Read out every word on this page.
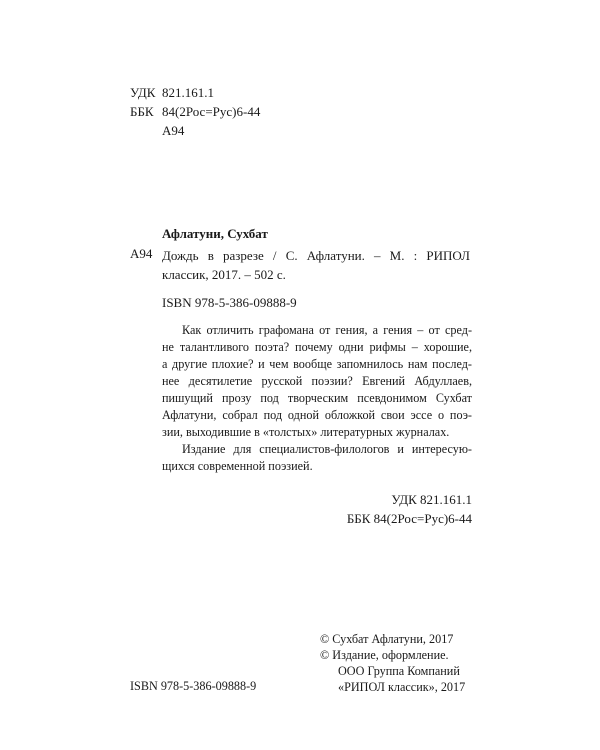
УДК 821.161.1
ББК 84(2Рос=Рус)6-44
А94
Афлатуни, Сухбат
А94 Дождь в разрезе / С. Афлатуни. – М. : РИПОЛ
классик, 2017. – 502 с.
ISBN 978-5-386-09888-9

Как отличить графомана от гения, а гения – от сред-
не талантливого поэта? почему одни рифмы – хорошие,
а другие плохие? и чем вообще запомнилось нам послед-
нее десятилетие русской поэзии? Евгений Абдуллаев,
пишущий прозу под творческим псевдонимом Сухбат
Афлатуни, собрал под одной обложкой свои эссе о поэ-
зии, выходившие в «толстых» литературных журналах.

Издание для специалистов-филологов и интересую-
щихся современной поэзией.

УДК 821.161.1
ББК 84(2Рос=Рус)6-44
© Сухбат Афлатуни, 2017
© Издание, оформление.
ООО Группа Компаний
«РИПОЛ классик», 2017
ISBN 978-5-386-09888-9
